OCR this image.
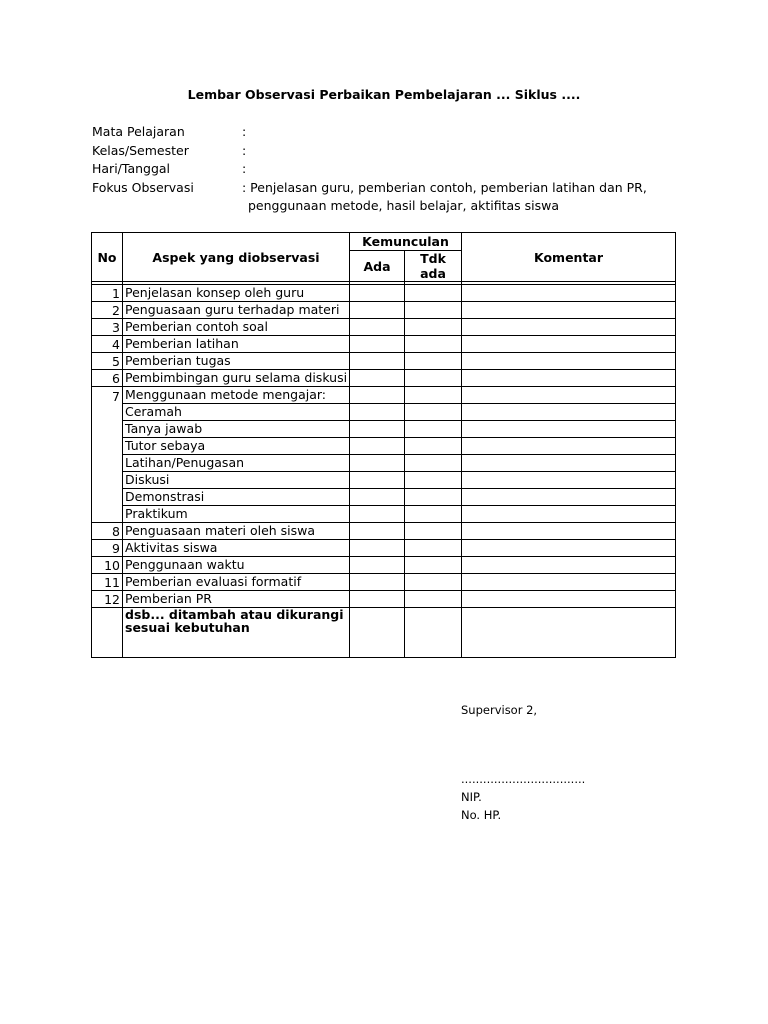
Lembar Observasi Perbaikan Pembelajaran ... Siklus ....
Mata Pelajaran	:
Kelas/Semester	:
Hari/Tanggal	:
Fokus Observasi	: Penjelasan guru, pemberian contoh, pemberian latihan dan PR,
penggunaan metode, hasil belajar, aktifitas siswa
No	Aspek yang diobservasi	Kemunculan		Komentar
		Ada	Tdk ada	

1	Penjelasan konsep oleh guru			
2	Penguasaan guru terhadap materi			
3	Pemberian contoh soal			
4	Pemberian latihan			
5	Pemberian tugas			
6	Pembimbingan guru selama diskusi			
7	Menggunaan metode mengajar:			
	Ceramah			
	Tanya jawab			
	Tutor sebaya			
	Latihan/Penugasan			
	Diskusi			
	Demonstrasi			
	Praktikum			
8	Penguasaan materi oleh siswa			
9	Aktivitas siswa			
10	Penggunaan waktu			
11	Pemberian evaluasi formatif			
12	Pemberian PR			
	dsb... ditambah atau dikurangi sesuai kebutuhan			
Supervisor 2,
..................................
NIP.
No. HP.
